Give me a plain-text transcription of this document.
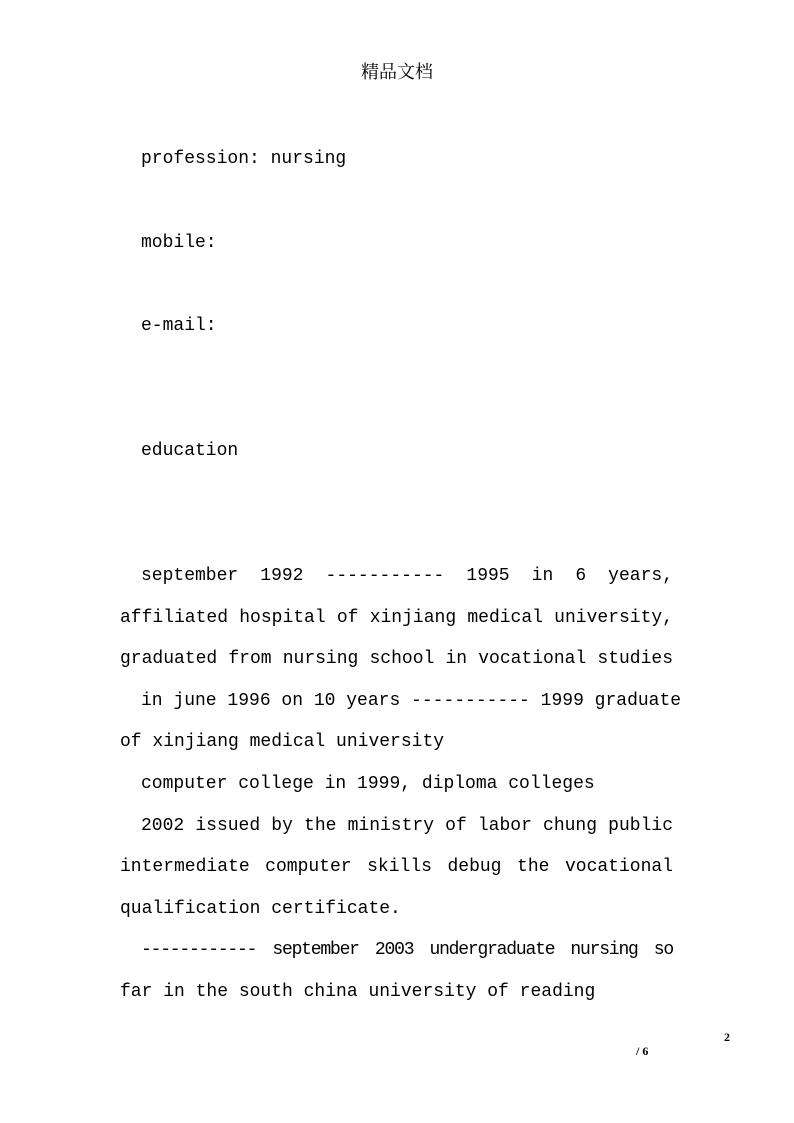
精品文档
profession: nursing
mobile:
e-mail:
education
september 1992 ----------- 1995 in 6 years,
affiliated hospital of xinjiang medical university,
graduated from nursing school in vocational studies
in june 1996 on 10 years ----------- 1999 graduate
of xinjiang medical university
computer college in 1999, diploma colleges
2002 issued by the ministry of labor chung public
intermediate computer skills debug the vocational
qualification certificate.
------------ september 2003 undergraduate nursing so
far in the south china university of reading
2
/ 6
